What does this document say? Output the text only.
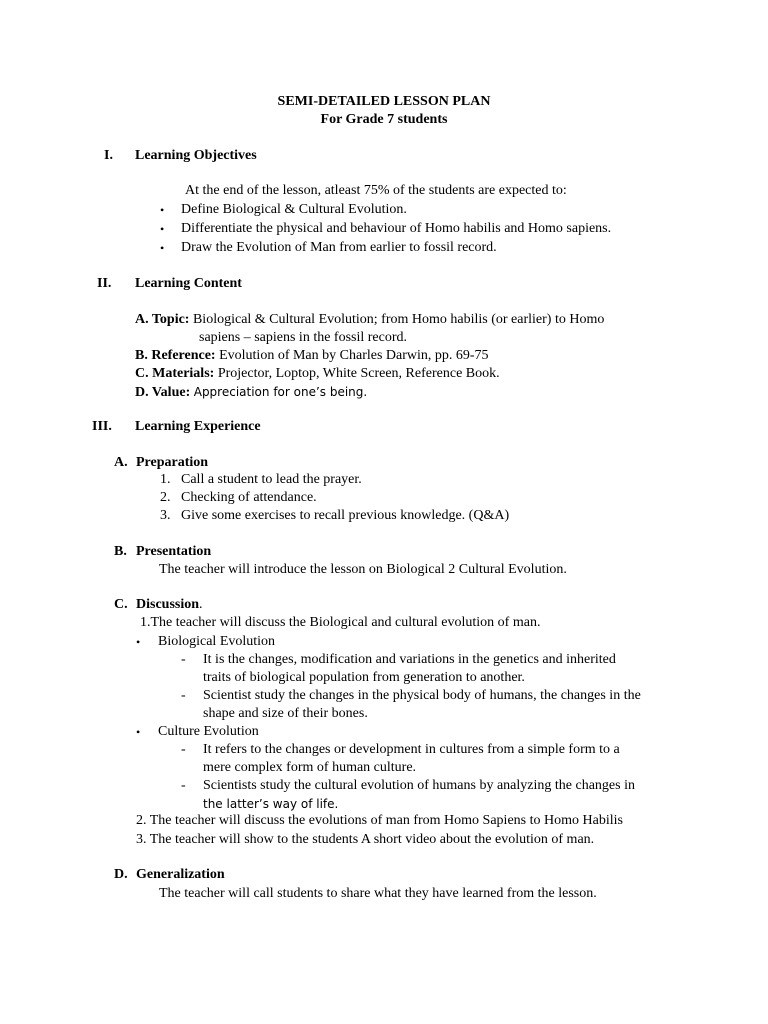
SEMI-DETAILED LESSON PLAN
For Grade 7 students
I. Learning Objectives
At the end of the lesson, atleast 75% of the students are expected to:
• Define Biological & Cultural Evolution.
• Differentiate the physical and behaviour of Homo habilis and Homo sapiens.
• Draw the Evolution of Man from earlier to fossil record.
II. Learning Content
A. Topic: Biological & Cultural Evolution; from Homo habilis (or earlier) to Homo
sapiens – sapiens in the fossil record.
B. Reference: Evolution of Man by Charles Darwin, pp. 69-75
C. Materials: Projector, Loptop, White Screen, Reference Book.
D. Value: Appreciation for one’s being.
III. Learning Experience
A. Preparation
1. Call a student to lead the prayer.
2. Checking of attendance.
3. Give some exercises to recall previous knowledge. (Q&A)
B. Presentation
The teacher will introduce the lesson on Biological 2 Cultural Evolution.
C. Discussion.
1.The teacher will discuss the Biological and cultural evolution of man.
• Biological Evolution
- It is the changes, modification and variations in the genetics and inherited
traits of biological population from generation to another.
- Scientist study the changes in the physical body of humans, the changes in the
shape and size of their bones.
• Culture Evolution
- It refers to the changes or development in cultures from a simple form to a
mere complex form of human culture.
- Scientists study the cultural evolution of humans by analyzing the changes in
the latter’s way of life.
2. The teacher will discuss the evolutions of man from Homo Sapiens to Homo Habilis
3. The teacher will show to the students A short video about the evolution of man.
D. Generalization
The teacher will call students to share what they have learned from the lesson.
